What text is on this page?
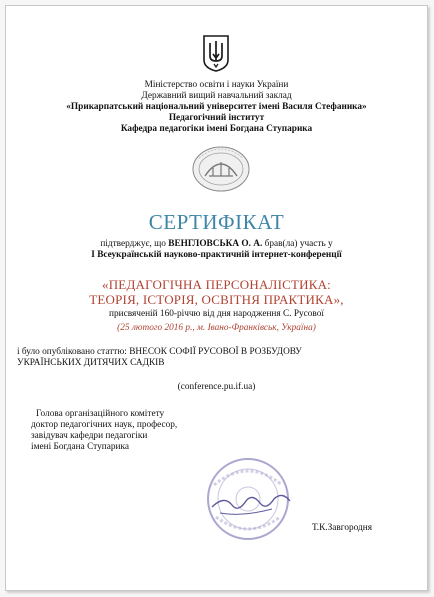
Міністерство освіти і науки України
Державний вищий навчальний заклад
«Прикарпатський національний університет імені Василя Стефаника»
Педагогічний інститут
Кафедра педагогіки імені Богдана Ступарика
СЕРТИФІКАТ
підтверджує, що ВЕНГЛОВСЬКА О. А. брав(ла) участь у
І Всеукраїнській науково-практичній інтернет-конференції
«ПЕДАГОГІЧНА ПЕРСОНАЛІСТИКА:
ТЕОРІЯ, ІСТОРІЯ, ОСВІТНЯ ПРАКТИКА»,
присвяченій 160-річчю від дня народження С. Русової
(25 лютого 2016 р., м. Івано-Франківськ, Україна)
і було опубліковано статтю: ВНЕСОК СОФІЇ РУСОВОЇ В РОЗБУДОВУ
УКРАЇНСЬКИХ ДИТЯЧИХ САДКІВ
(conference.pu.if.ua)
Голова організаційного комітету
доктор педагогічних наук, професор,
завідувач кафедри педагогіки
імені Богдана Ступарика
Т.К.Завгородня
